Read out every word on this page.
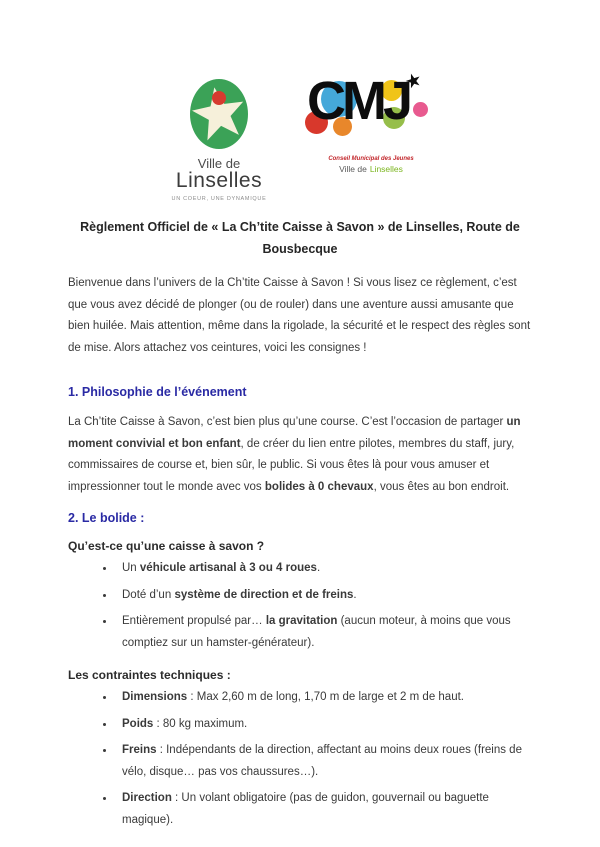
Ville de
Linselles
UN COEUR, UNE DYNAMIQUE
★
CMJ
Conseil Municipal des Jeunes
Ville de Linselles
Règlement Officiel de « La Ch’tite Caisse à Savon » de Linselles, Route de Bousbecque

Bienvenue dans l’univers de la Ch’tite Caisse à Savon ! Si vous lisez ce règlement, c’est que vous avez décidé de plonger (ou de rouler) dans une aventure aussi amusante que bien huilée. Mais attention, même dans la rigolade, la sécurité et le respect des règles sont de mise. Alors attachez vos ceintures, voici les consignes !

1. Philosophie de l’événement

La Ch’tite Caisse à Savon, c’est bien plus qu’une course. C’est l’occasion de partager un moment convivial et bon enfant, de créer du lien entre pilotes, membres du staff, jury, commissaires de course et, bien sûr, le public. Si vous êtes là pour vous amuser et impressionner tout le monde avec vos bolides à 0 chevaux, vous êtes au bon endroit.

2. Le bolide :
Qu’est-ce qu’une caisse à savon ?
• Un véhicule artisanal à 3 ou 4 roues.
• Doté d’un système de direction et de freins.
• Entièrement propulsé par… la gravitation (aucun moteur, à moins que vous comptiez sur un hamster-générateur).
Les contraintes techniques :
• Dimensions : Max 2,60 m de long, 1,70 m de large et 2 m de haut.
• Poids : 80 kg maximum.
• Freins : Indépendants de la direction, affectant au moins deux roues (freins de vélo, disque… pas vos chaussures…).
• Direction : Un volant obligatoire (pas de guidon, gouvernail ou baguette magique).
